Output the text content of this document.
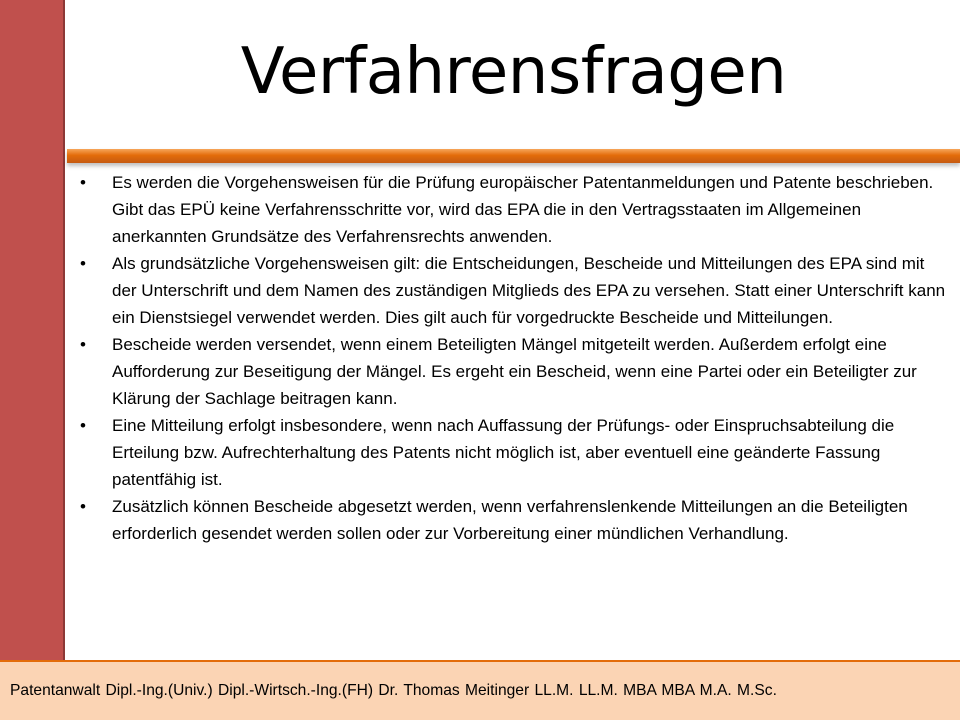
Verfahrensfragen
•	Es werden die Vorgehensweisen für die Prüfung europäischer Patentanmeldungen und Patente beschrieben. Gibt das EPÜ keine Verfahrensschritte vor, wird das EPA die in den Vertragsstaaten im Allgemeinen anerkannten Grundsätze des Verfahrensrechts anwenden.
•	Als grundsätzliche Vorgehensweisen gilt: die Entscheidungen, Bescheide und Mitteilungen des EPA sind mit der Unterschrift und dem Namen des zuständigen Mitglieds des EPA zu versehen. Statt einer Unterschrift kann ein Dienstsiegel verwendet werden. Dies gilt auch für vorgedruckte Bescheide und Mitteilungen.
•	Bescheide werden versendet, wenn einem Beteiligten Mängel mitgeteilt werden. Außerdem erfolgt eine Aufforderung zur Beseitigung der Mängel. Es ergeht ein Bescheid, wenn eine Partei oder ein Beteiligter zur Klärung der Sachlage beitragen kann.
•	Eine Mitteilung erfolgt insbesondere, wenn nach Auffassung der Prüfungs- oder Einspruchsabteilung die Erteilung bzw. Aufrechterhaltung des Patents nicht möglich ist, aber eventuell eine geänderte Fassung patentfähig ist.
•	Zusätzlich können Bescheide abgesetzt werden, wenn verfahrenslenkende Mitteilungen an die Beteiligten erforderlich gesendet werden sollen oder zur Vorbereitung einer mündlichen Verhandlung.
Patentanwalt Dipl.-Ing.(Univ.) Dipl.-Wirtsch.-Ing.(FH) Dr. Thomas Meitinger LL.M. LL.M. MBA MBA M.A. M.Sc.
